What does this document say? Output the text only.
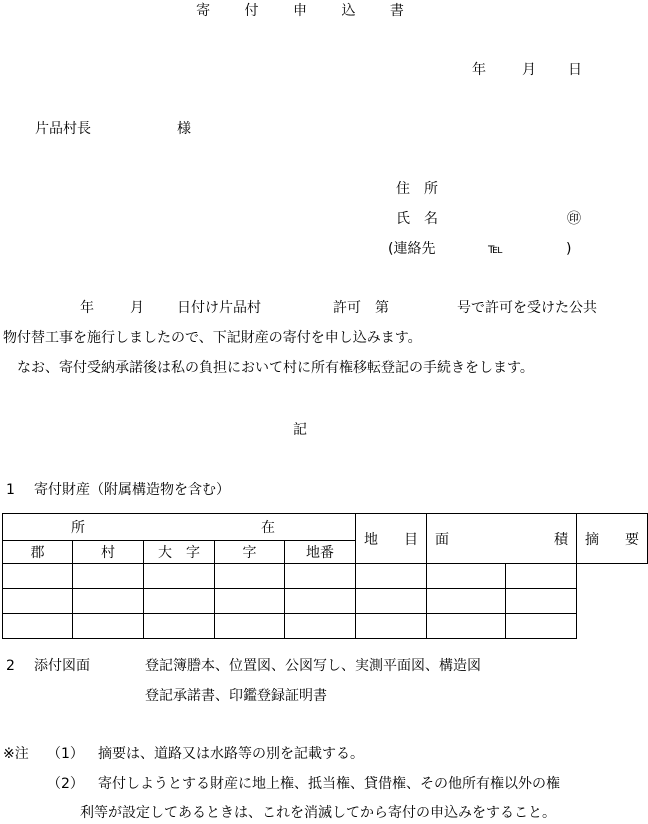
寄 付 申 込 書
年	月 日
片品村長	様
住　所
氏　名	㊞
(連絡先	℡	)
年	月 日付け片品村	許可　第	号で許可を受けた公共
物付替工事を施行しましたので、下記財産の寄付を申し込みます。
なお、寄付受納承諾後は私の負担において村に所有権移転登記の手続きをします。
記
1 寄付財産（附属構造物を含む）
所 在					地 目	面 積		摘 要

郡	村	大　字	字	地番				

2 添付図面	登記簿謄本、位置図、公図写し、実測平面図、構造図
登記承諾書、印鑑登録証明書
※注 （1） 摘要は、道路又は水路等の別を記載する。
（2） 寄付しようとする財産に地上権、抵当権、貸借権、その他所有権以外の権
利等が設定してあるときは、これを消滅してから寄付の申込みをすること。
